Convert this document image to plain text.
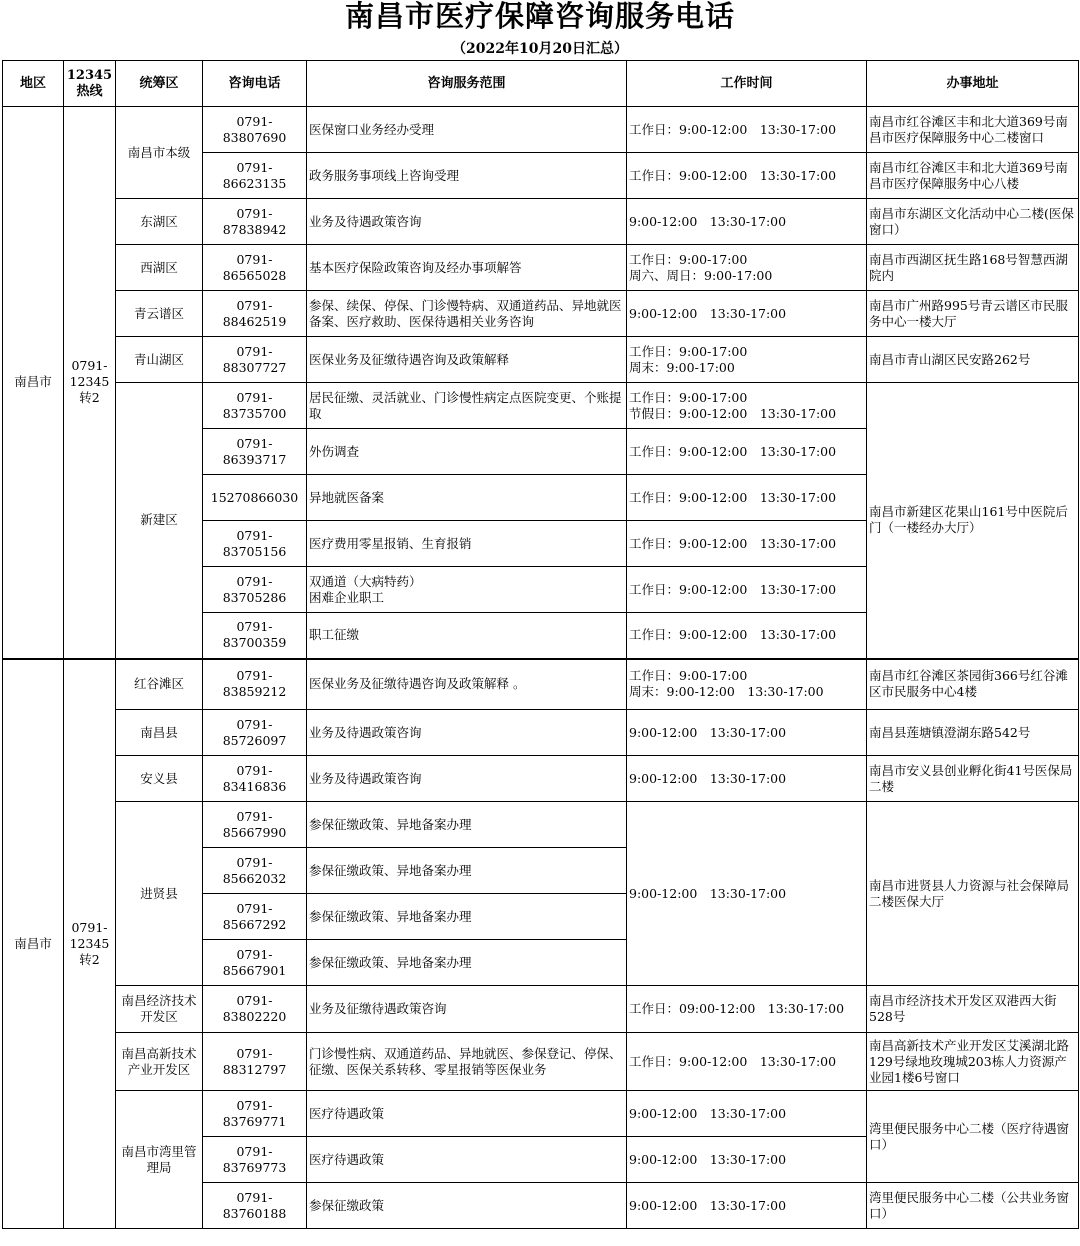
南昌市医疗保障咨询服务电话
（2022年10月20日汇总）
地区	12345热线	统筹区	咨询电话	咨询服务范围	工作时间	办事地址
南昌市	0791-12345转2	南昌市本级	0791-83807690	医保窗口业务经办受理	工作日：9:00-12:00　13:30-17:00	南昌市红谷滩区丰和北大道369号南昌市医疗保障服务中心二楼窗口
			0791-86623135	政务服务事项线上咨询受理	工作日：9:00-12:00　13:30-17:00	南昌市红谷滩区丰和北大道369号南昌市医疗保障服务中心八楼
		东湖区	0791-87838942	业务及待遇政策咨询	9:00-12:00　13:30-17:00	南昌市东湖区文化活动中心二楼(医保窗口）
		西湖区	0791-86565028	基本医疗保险政策咨询及经办事项解答	工作日：9:00-17:00
周六、周日：9:00-17:00	南昌市西湖区抚生路168号智慧西湖院内
		青云谱区	0791-88462519	参保、续保、停保、门诊慢特病、双通道药品、异地就医备案、医疗救助、医保待遇相关业务咨询	9:00-12:00　13:30-17:00	南昌市广州路995号青云谱区市民服务中心一楼大厅
		青山湖区	0791-88307727	医保业务及征缴待遇咨询及政策解释	工作日：9:00-17:00
周末：9:00-17:00	南昌市青山湖区民安路262号
		新建区	0791-83735700	居民征缴、灵活就业、门诊慢性病定点医院变更、个账提取	工作日：9:00-17:00
节假日：9:00-12:00　13:30-17:00	南昌市新建区花果山161号中医院后门（一楼经办大厅）
			0791-86393717	外伤调查	工作日：9:00-12:00　13:30-17:00	
			15270866030	异地就医备案	工作日：9:00-12:00　13:30-17:00	
			0791-83705156	医疗费用零星报销、生育报销	工作日：9:00-12:00　13:30-17:00	
			0791-83705286	双通道（大病特药）
困难企业职工	工作日：9:00-12:00　13:30-17:00	
			0791-83700359	职工征缴	工作日：9:00-12:00　13:30-17:00	
南昌市	0791-12345转2	红谷滩区	0791-83859212	医保业务及征缴待遇咨询及政策解释 。	工作日：9:00-17:00
周末：9:00-12:00　13:30-17:00	南昌市红谷滩区茶园街366号红谷滩区市民服务中心4楼
		南昌县	0791-85726097	业务及待遇政策咨询	9:00-12:00　13:30-17:00	南昌县莲塘镇澄湖东路542号
		安义县	0791-83416836	业务及待遇政策咨询	9:00-12:00　13:30-17:00	南昌市安义县创业孵化街41号医保局二楼
		进贤县	0791-85667990	参保征缴政策、异地备案办理	9:00-12:00　13:30-17:00	南昌市进贤县人力资源与社会保障局二楼医保大厅
			0791-85662032	参保征缴政策、异地备案办理		
			0791-85667292	参保征缴政策、异地备案办理		
			0791-85667901	参保征缴政策、异地备案办理		
		南昌经济技术开发区	0791-83802220	业务及征缴待遇政策咨询	工作日：09:00-12:00　13:30-17:00	南昌市经济技术开发区双港西大街528号
		南昌高新技术产业开发区	0791-88312797	门诊慢性病、双通道药品、异地就医、参保登记、停保、征缴、医保关系转移、零星报销等医保业务	工作日：9:00-12:00　13:30-17:00	南昌高新技术产业开发区艾溪湖北路129号绿地玫瑰城203栋人力资源产业园1楼6号窗口
		南昌市湾里管理局	0791-83769771	医疗待遇政策	9:00-12:00　13:30-17:00	湾里便民服务中心二楼（医疗待遇窗口）
			0791-83769773	医疗待遇政策	9:00-12:00　13:30-17:00	
			0791-83760188	参保征缴政策	9:00-12:00　13:30-17:00	湾里便民服务中心二楼（公共业务窗口）
